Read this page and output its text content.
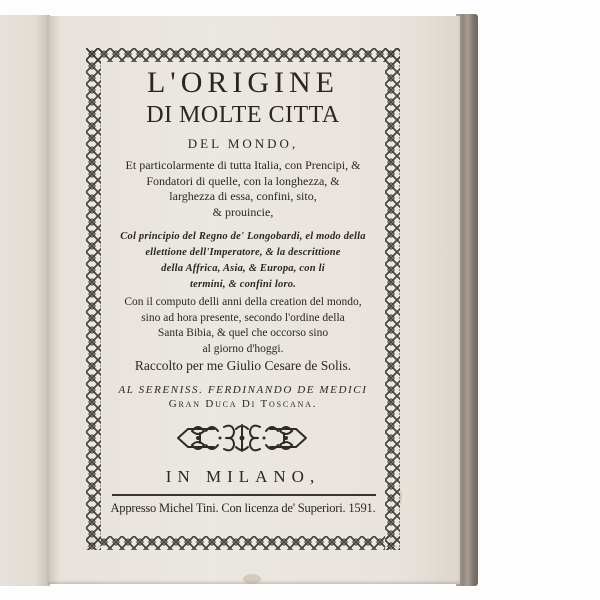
L'ORIGINE
DI MOLTE CITTA
DEL MONDO,
Et particolarmente di tutta Italia, con Prencipi, &
Fondatori di quelle, con la longhezza, &
larghezza di essa, confini, sito,
& prouincie,
Col principio del Regno de' Longobardi, el modo della
ellettione dell'Imperatore, & la descrittione
della Affrica, Asia, & Europa, con li
termini, & confini loro.
Con il computo delli anni della creation del mondo,
sino ad hora presente, secondo l'ordine della
Santa Bibia, & quel che occorso sino
al giorno d'hoggi.
Raccolto per me Giulio Cesare de Solis.
AL SERENISS. FERDINANDO DE MEDICI
Gran Duca Di Toscana.
IN MILANO,
Appresso Michel Tini. Con licenza de' Superiori. 1591.
